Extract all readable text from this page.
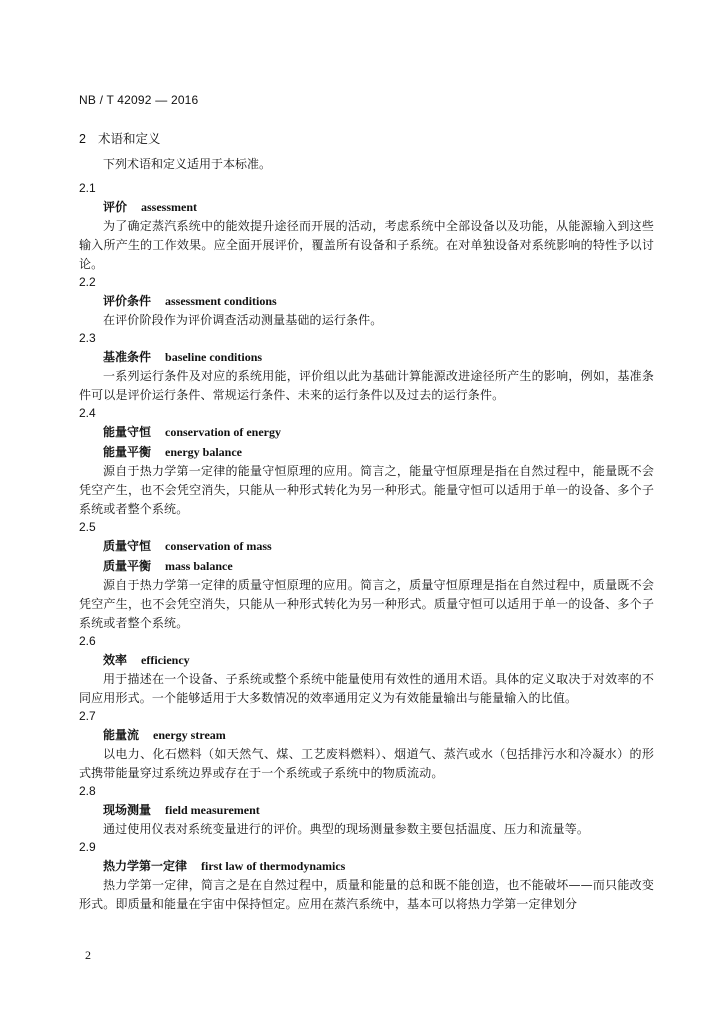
NB / T 42092 — 2016
2 术语和定义
下列术语和定义适用于本标准。
2.1
评价 assessment

为了确定蒸汽系统中的能效提升途径而开展的活动，考虑系统中全部设备以及功能，从能源输入到这些输入所产生的工作效果。应全面开展评价，覆盖所有设备和子系统。在对单独设备对系统影响的特性予以讨论。

2.2
评价条件 assessment conditions

在评价阶段作为评价调查活动测量基础的运行条件。

2.3
基准条件 baseline conditions

一系列运行条件及对应的系统用能，评价组以此为基础计算能源改进途径所产生的影响，例如，基准条件可以是评价运行条件、常规运行条件、未来的运行条件以及过去的运行条件。

2.4
能量守恒 conservation of energy
能量平衡 energy balance

源自于热力学第一定律的能量守恒原理的应用。简言之，能量守恒原理是指在自然过程中，能量既不会凭空产生，也不会凭空消失，只能从一种形式转化为另一种形式。能量守恒可以适用于单一的设备、多个子系统或者整个系统。

2.5
质量守恒 conservation of mass
质量平衡 mass balance

源自于热力学第一定律的质量守恒原理的应用。简言之，质量守恒原理是指在自然过程中，质量既不会凭空产生，也不会凭空消失，只能从一种形式转化为另一种形式。质量守恒可以适用于单一的设备、多个子系统或者整个系统。

2.6
效率 efficiency

用于描述在一个设备、子系统或整个系统中能量使用有效性的通用术语。具体的定义取决于对效率的不同应用形式。一个能够适用于大多数情况的效率通用定义为有效能量输出与能量输入的比值。

2.7
能量流 energy stream

以电力、化石燃料（如天然气、煤、工艺废料燃料）、烟道气、蒸汽或水（包括排污水和冷凝水）的形式携带能量穿过系统边界或存在于一个系统或子系统中的物质流动。

2.8
现场测量 field measurement

通过使用仪表对系统变量进行的评价。典型的现场测量参数主要包括温度、压力和流量等。

2.9
热力学第一定律 first law of thermodynamics

热力学第一定律，简言之是在自然过程中，质量和能量的总和既不能创造，也不能破坏——而只能改变形式。即质量和能量在宇宙中保持恒定。应用在蒸汽系统中，基本可以将热力学第一定律划分

2
